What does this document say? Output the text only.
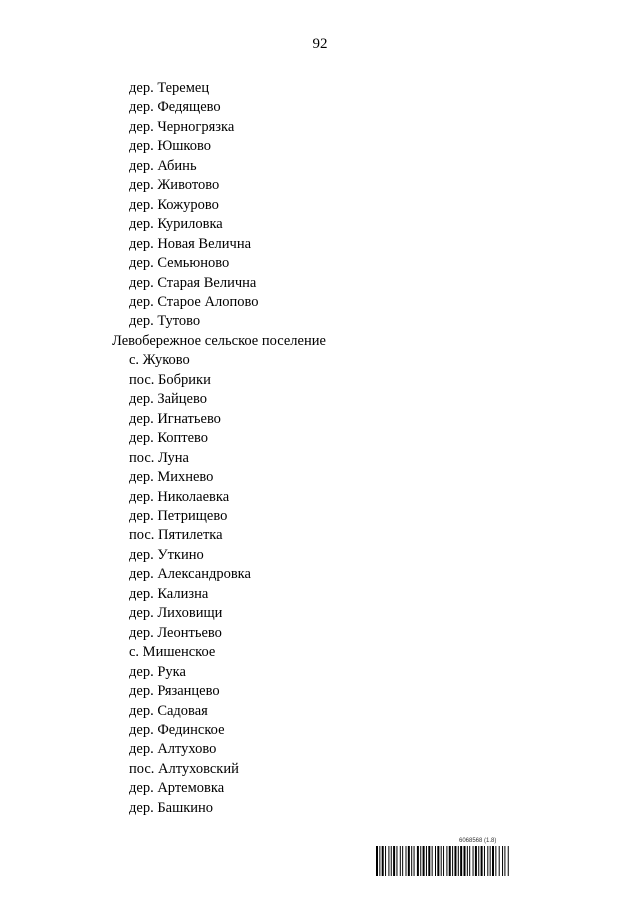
92
дер. Теремец
дер. Федящево
дер. Черногрязка
дер. Юшково
дер. Абинь
дер. Животово
дер. Кожурово
дер. Куриловка
дер. Новая Велична
дер. Семьюново
дер. Старая Велична
дер. Старое Алопово
дер. Тутово
Левобережное сельское поселение
с. Жуково
пос. Бобрики
дер. Зайцево
дер. Игнатьево
дер. Коптево
пос. Луна
дер. Михнево
дер. Николаевка
дер. Петрищево
пос. Пятилетка
дер. Уткино
дер. Александровка
дер. Кализна
дер. Лиховищи
дер. Леонтьево
с. Мишенское
дер. Рука
дер. Рязанцево
дер. Садовая
дер. Фединское
дер. Алтухово
пос. Алтуховский
дер. Артемовка
дер. Башкино
6068568 (1.8)
